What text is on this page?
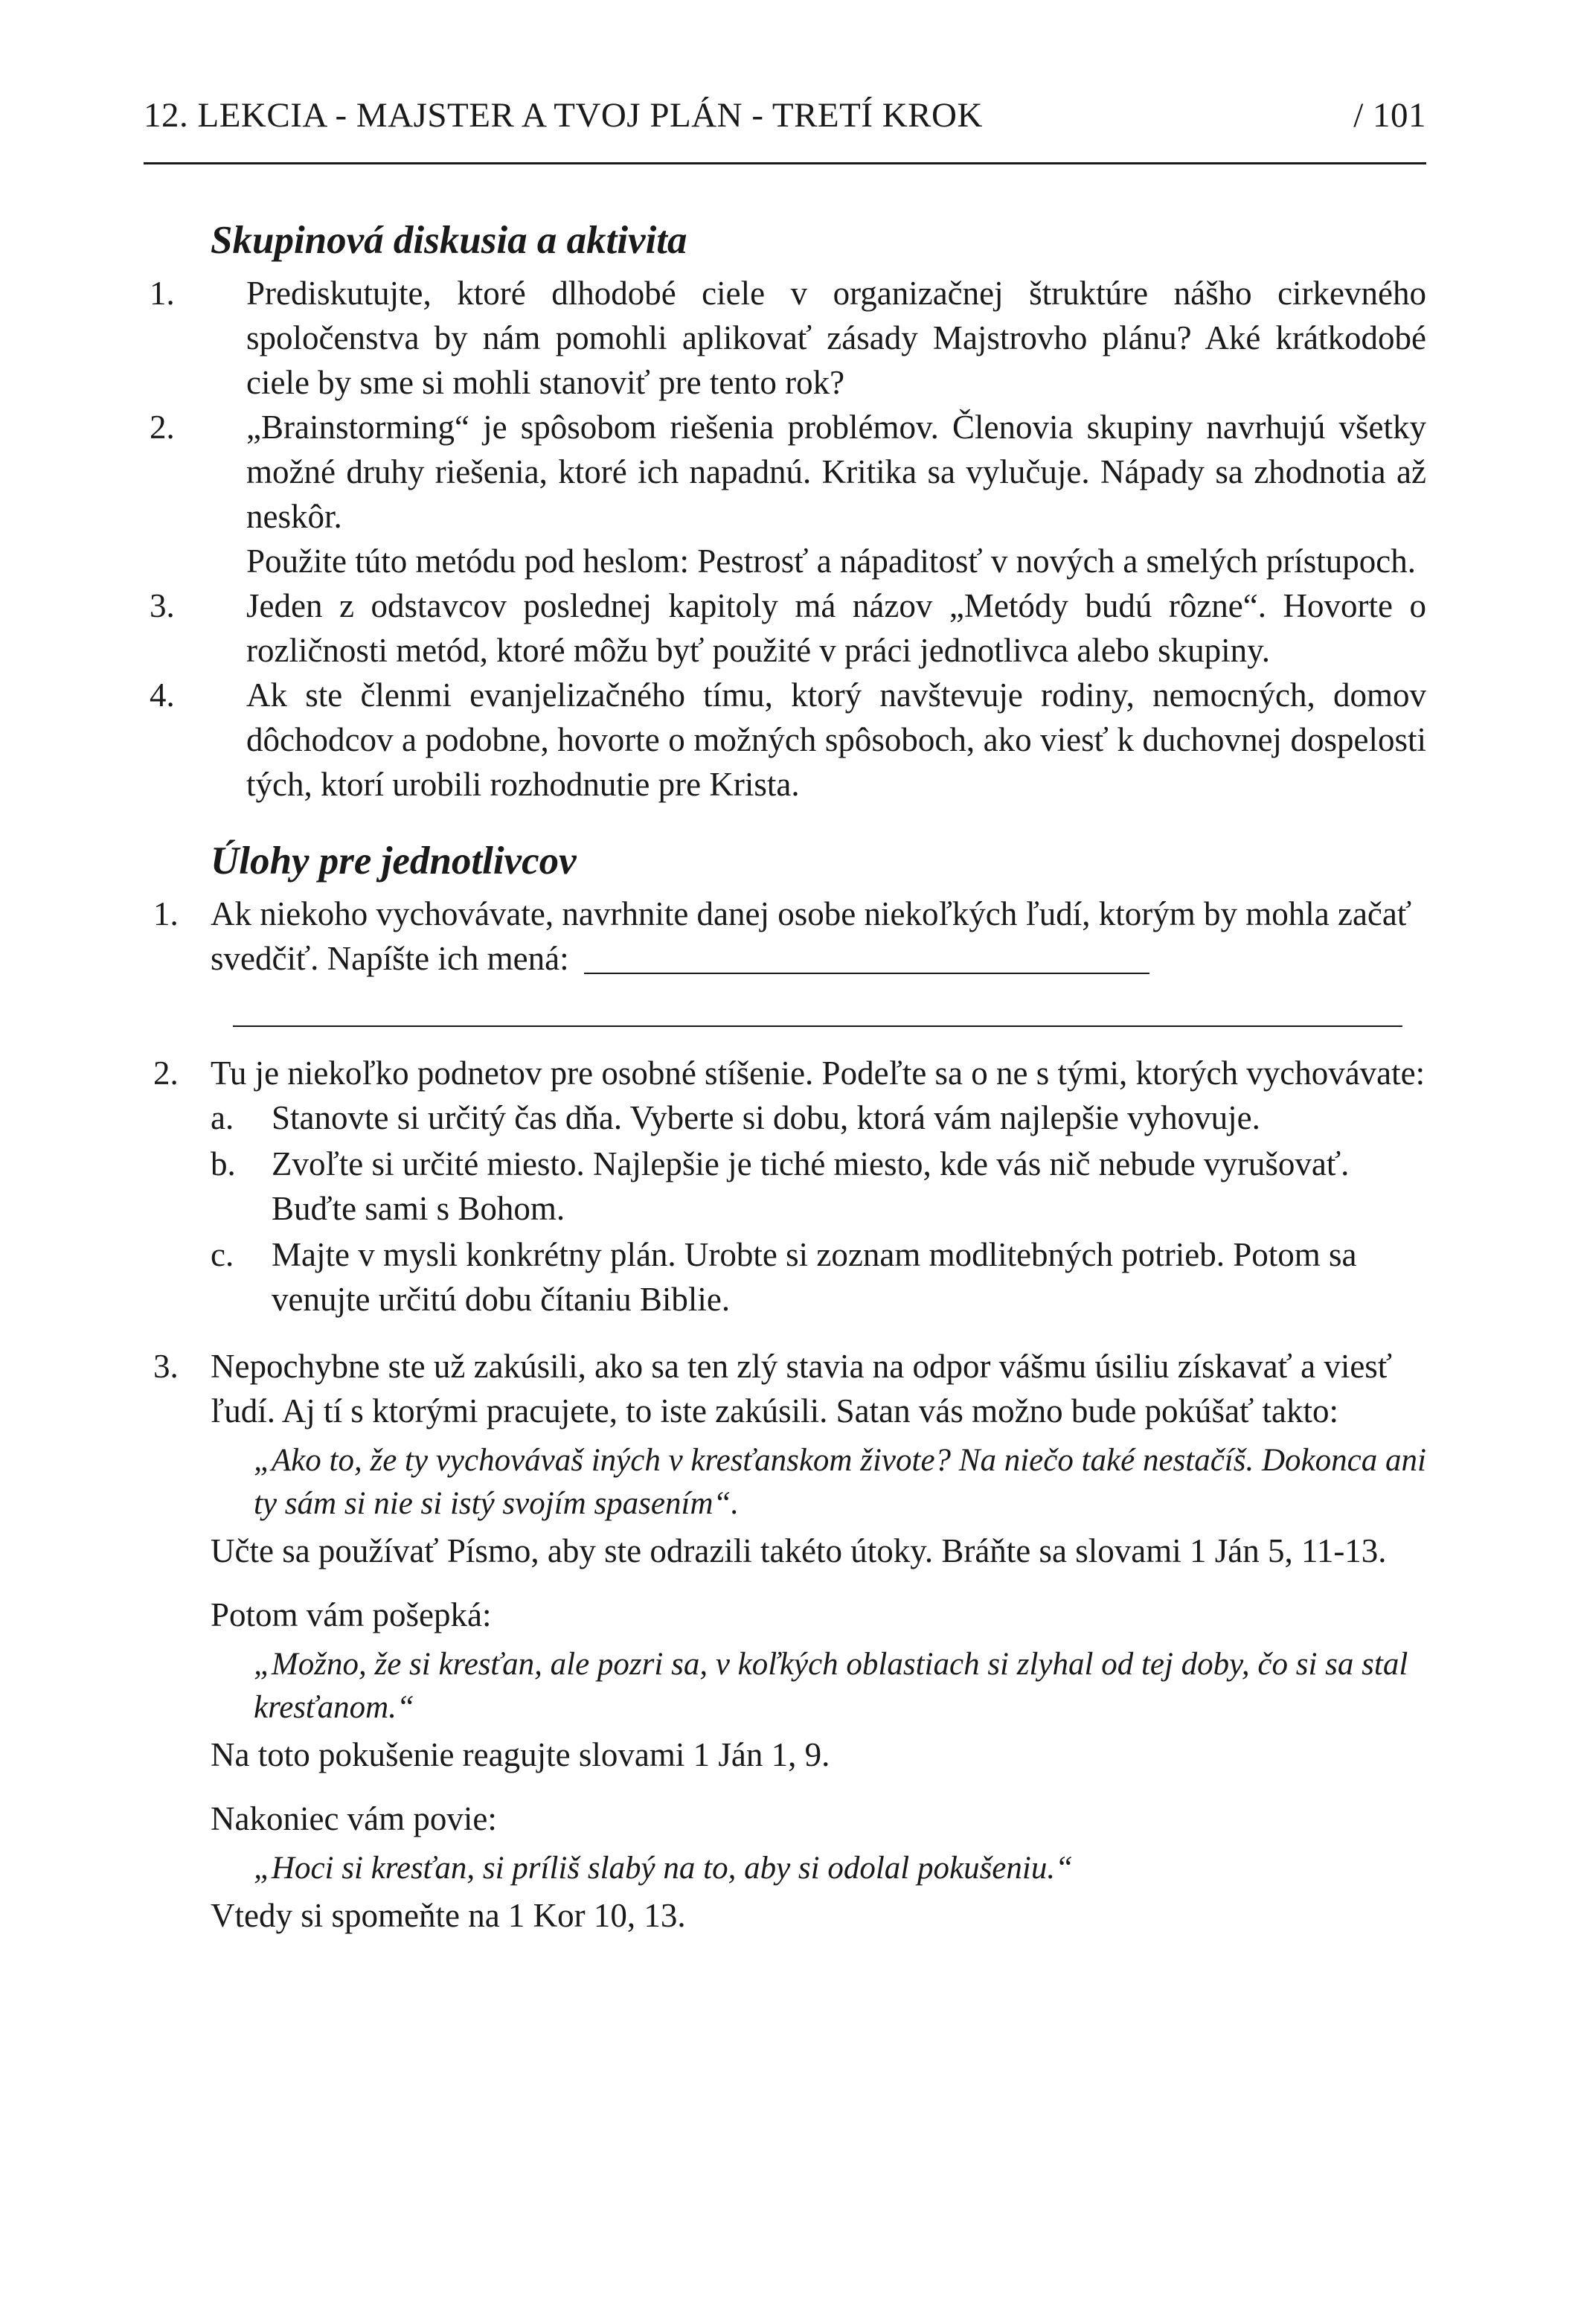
12. LEKCIA - MAJSTER A TVOJ PLÁN - TRETÍ KROK	/ 101
Skupinová diskusia a aktivita
1. Prediskutujte, ktoré dlhodobé ciele v organizačnej štruktúre nášho cirkevného spoločenstva by nám pomohli aplikovať zásady Majstrovho plánu? Aké krátkodobé ciele by sme si mohli stanoviť pre tento rok?
2. „Brainstorming“ je spôsobom riešenia problémov. Členovia skupiny navrhujú všetky možné druhy riešenia, ktoré ich napadnú. Kritika sa vylučuje. Nápady sa zhodnotia až neskôr.
Použite túto metódu pod heslom: Pestrosť a nápaditosť v nových a smelých prístupoch.
3. Jeden z odstavcov poslednej kapitoly má názov „Metódy budú rôzne“. Hovorte o rozličnosti metód, ktoré môžu byť použité v práci jednotlivca alebo skupiny.
4. Ak ste členmi evanjelizačného tímu, ktorý navštevuje rodiny, nemocných, domov dôchodcov a podobne, hovorte o možných spôsoboch, ako viesť k duchovnej dospelosti tých, ktorí urobili rozhodnutie pre Krista.
Úlohy pre jednotlivcov
1. Ak niekoho vychovávate, navrhnite danej osobe niekoľkých ľudí, ktorým by mohla začať svedčiť. Napíšte ich mená:
2. Tu je niekoľko podnetov pre osobné stíšenie. Podeľte sa o ne s tými, ktorých vychovávate:
a. Stanovte si určitý čas dňa. Vyberte si dobu, ktorá vám najlepšie vyhovuje.
b. Zvoľte si určité miesto. Najlepšie je tiché miesto, kde vás nič nebude vyrušovať. Buďte sami s Bohom.
c. Majte v mysli konkrétny plán. Urobte si zoznam modlitebných potrieb. Potom sa venujte určitú dobu čítaniu Biblie.
3. Nepochybne ste už zakúsili, ako sa ten zlý stavia na odpor vášmu úsiliu získavať a viesť ľudí. Aj tí s ktorými pracujete, to iste zakúsili. Satan vás možno bude pokúšať takto:
„Ako to, že ty vychovávaš iných v kresťanskom živote? Na niečo také nestačíš. Dokonca ani ty sám si nie si istý svojím spasením“.
Učte sa používať Písmo, aby ste odrazili takéto útoky. Bráňte sa slovami 1 Ján 5, 11-13.
Potom vám pošepká:
„Možno, že si kresťan, ale pozri sa, v koľkých oblastiach si zlyhal od tej doby, čo si sa stal kresťanom.“
Na toto pokušenie reagujte slovami 1 Ján 1, 9.
Nakoniec vám povie:
„Hoci si kresťan, si príliš slabý na to, aby si odolal pokušeniu.“
Vtedy si spomeňte na 1 Kor 10, 13.
